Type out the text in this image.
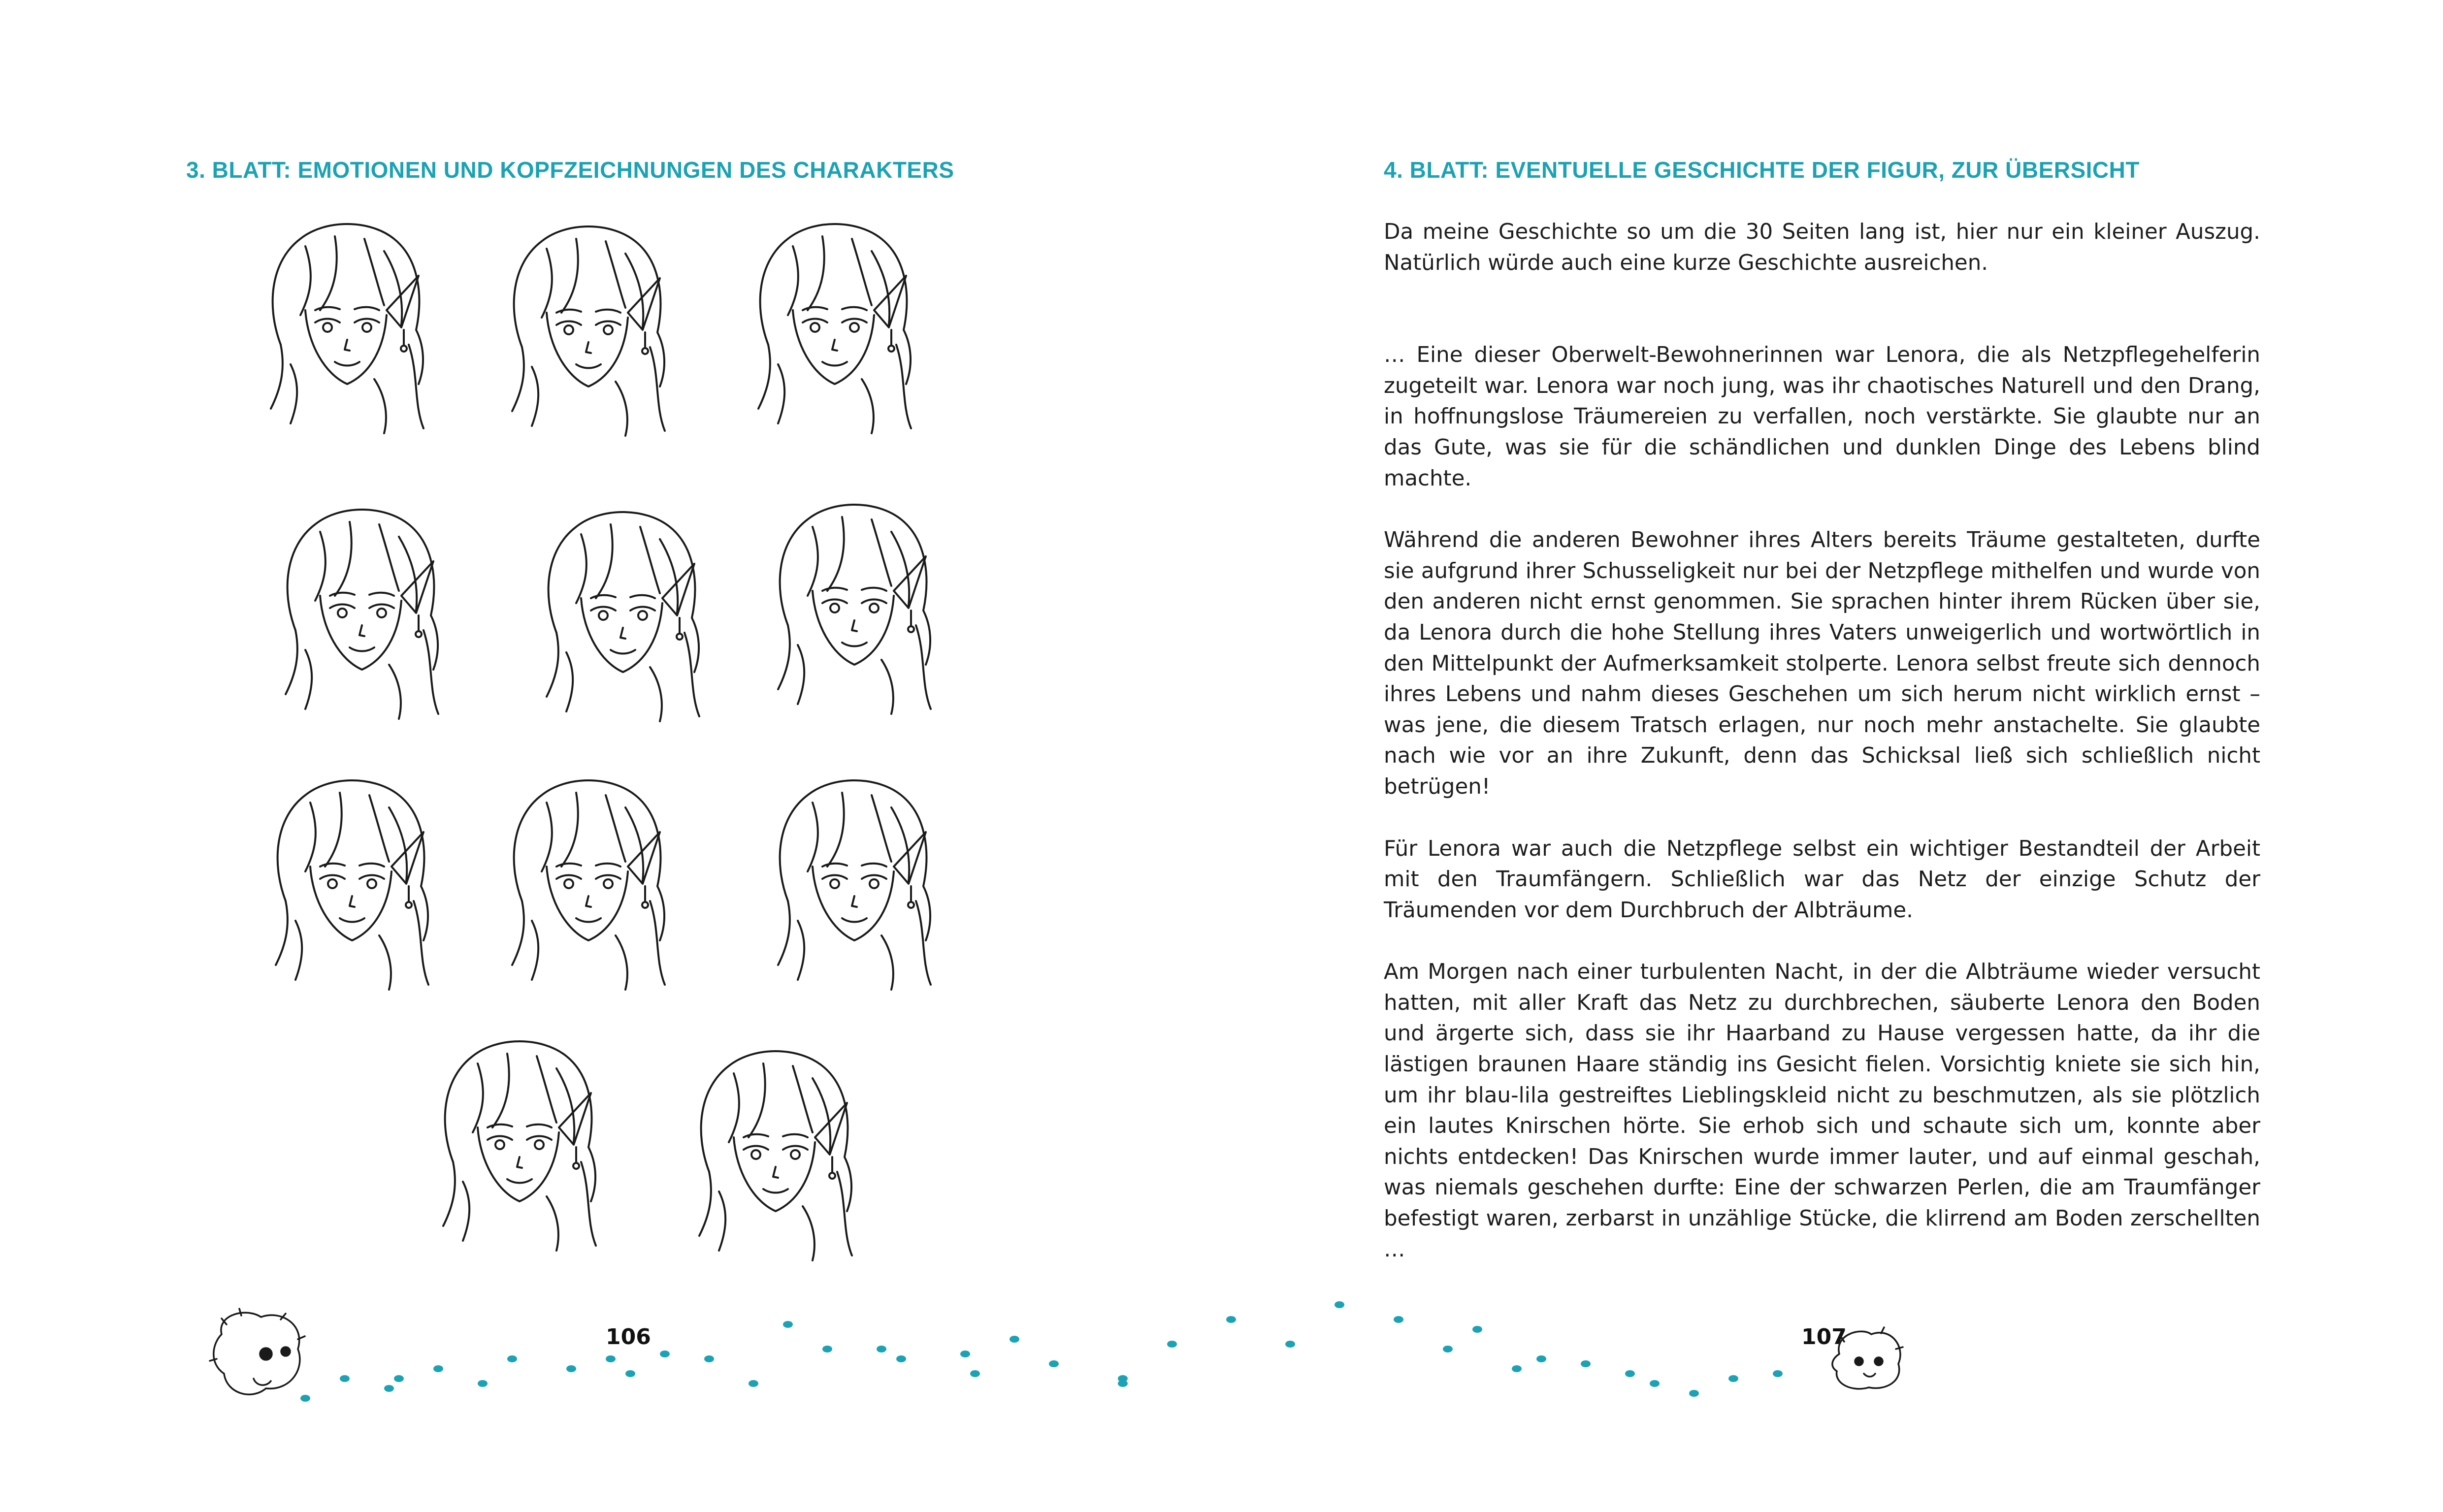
3. BLATT: EMOTIONEN UND KOPFZEICHNUNGEN DES CHARAKTERS
106
4. BLATT: EVENTUELLE GESCHICHTE DER FIGUR, ZUR ÜBERSICHT

Da meine Geschichte so um die 30 Seiten lang ist, hier nur ein kleiner Auszug. Natürlich würde auch eine kurze Geschichte ausreichen.

… Eine dieser Oberwelt-Bewohnerinnen war Lenora, die als Netzpflegehelferin zugeteilt war. Lenora war noch jung, was ihr chaotisches Naturell und den Drang, in hoffnungslose Träumereien zu verfallen, noch verstärkte. Sie glaubte nur an das Gute, was sie für die schändlichen und dunklen Dinge des Lebens blind machte.

Während die anderen Bewohner ihres Alters bereits Träume gestalteten, durfte sie aufgrund ihrer Schusseligkeit nur bei der Netzpflege mithelfen und wurde von den anderen nicht ernst genommen. Sie sprachen hinter ihrem Rücken über sie, da Lenora durch die hohe Stellung ihres Vaters unweigerlich und wortwörtlich in den Mittelpunkt der Aufmerksamkeit stolperte. Lenora selbst freute sich dennoch ihres Lebens und nahm dieses Geschehen um sich herum nicht wirklich ernst – was jene, die diesem Tratsch erlagen, nur noch mehr anstachelte. Sie glaubte nach wie vor an ihre Zukunft, denn das Schicksal ließ sich schließlich nicht betrügen!

Für Lenora war auch die Netzpflege selbst ein wichtiger Bestandteil der Arbeit mit den Traumfängern. Schließlich war das Netz der einzige Schutz der Träumenden vor dem Durchbruch der Albträume.

Am Morgen nach einer turbulenten Nacht, in der die Albträume wieder versucht hatten, mit aller Kraft das Netz zu durchbrechen, säuberte Lenora den Boden und ärgerte sich, dass sie ihr Haarband zu Hause vergessen hatte, da ihr die lästigen braunen Haare ständig ins Gesicht fielen. Vorsichtig kniete sie sich hin, um ihr blau-lila gestreiftes Lieblingskleid nicht zu beschmutzen, als sie plötzlich ein lautes Knirschen hörte. Sie erhob sich und schaute sich um, konnte aber nichts entdecken! Das Knirschen wurde immer lauter, und auf einmal geschah, was niemals geschehen durfte: Eine der schwarzen Perlen, die am Traumfänger befestigt waren, zerbarst in unzählige Stücke, die klirrend am Boden zerschellten …

107
